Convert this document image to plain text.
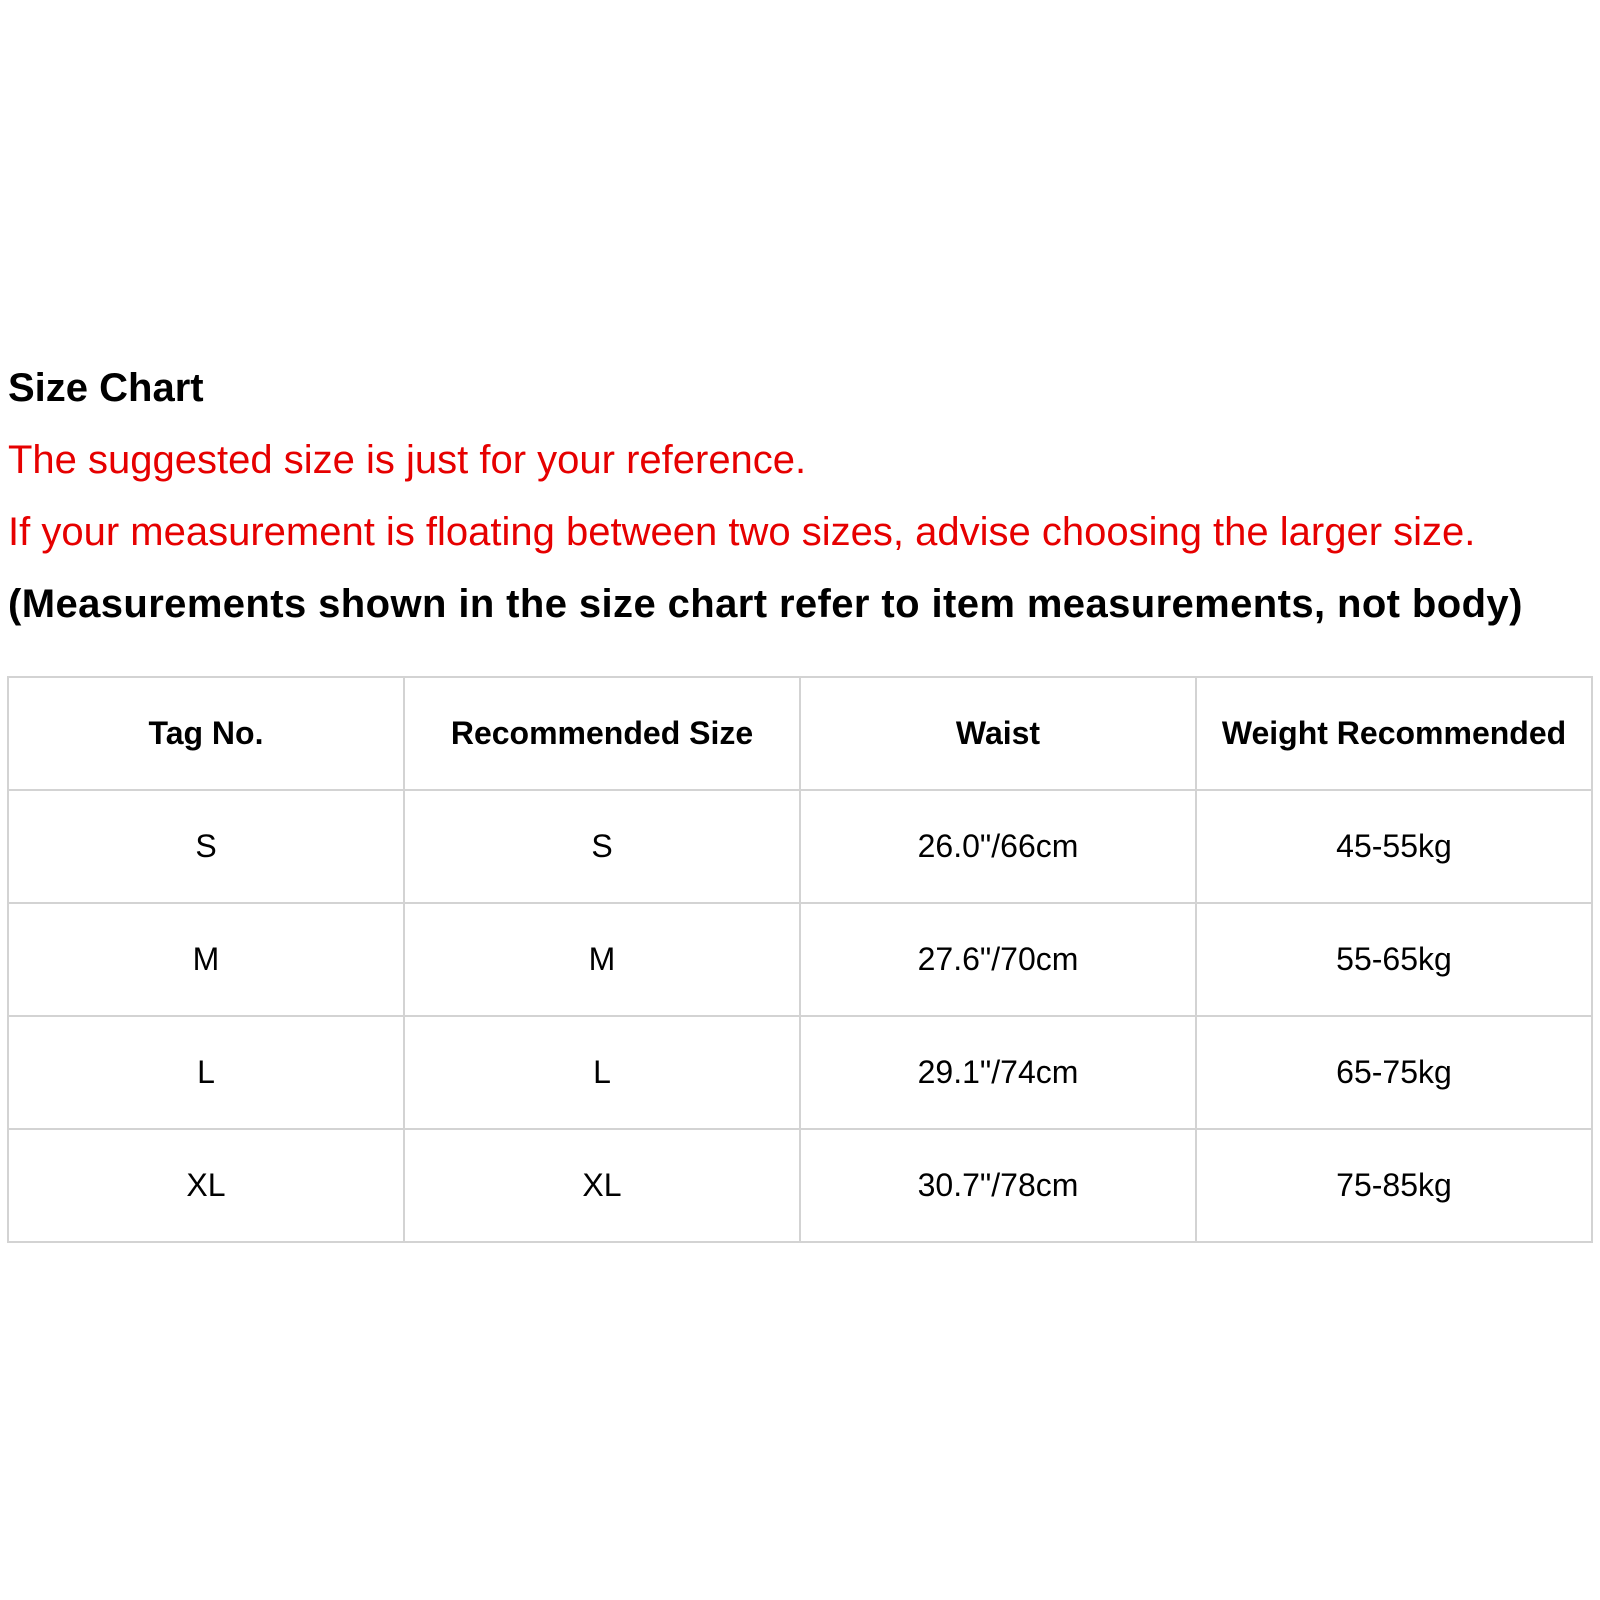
Size Chart
The suggested size is just for your reference.
If your measurement is floating between two sizes, advise choosing the larger size.
(Measurements shown in the size chart refer to item measurements, not body)
Tag No.	Recommended Size	Waist	Weight Recommended
S	S	26.0"/66cm	45-55kg
M	M	27.6"/70cm	55-65kg
L	L	29.1"/74cm	65-75kg
XL	XL	30.7"/78cm	75-85kg
